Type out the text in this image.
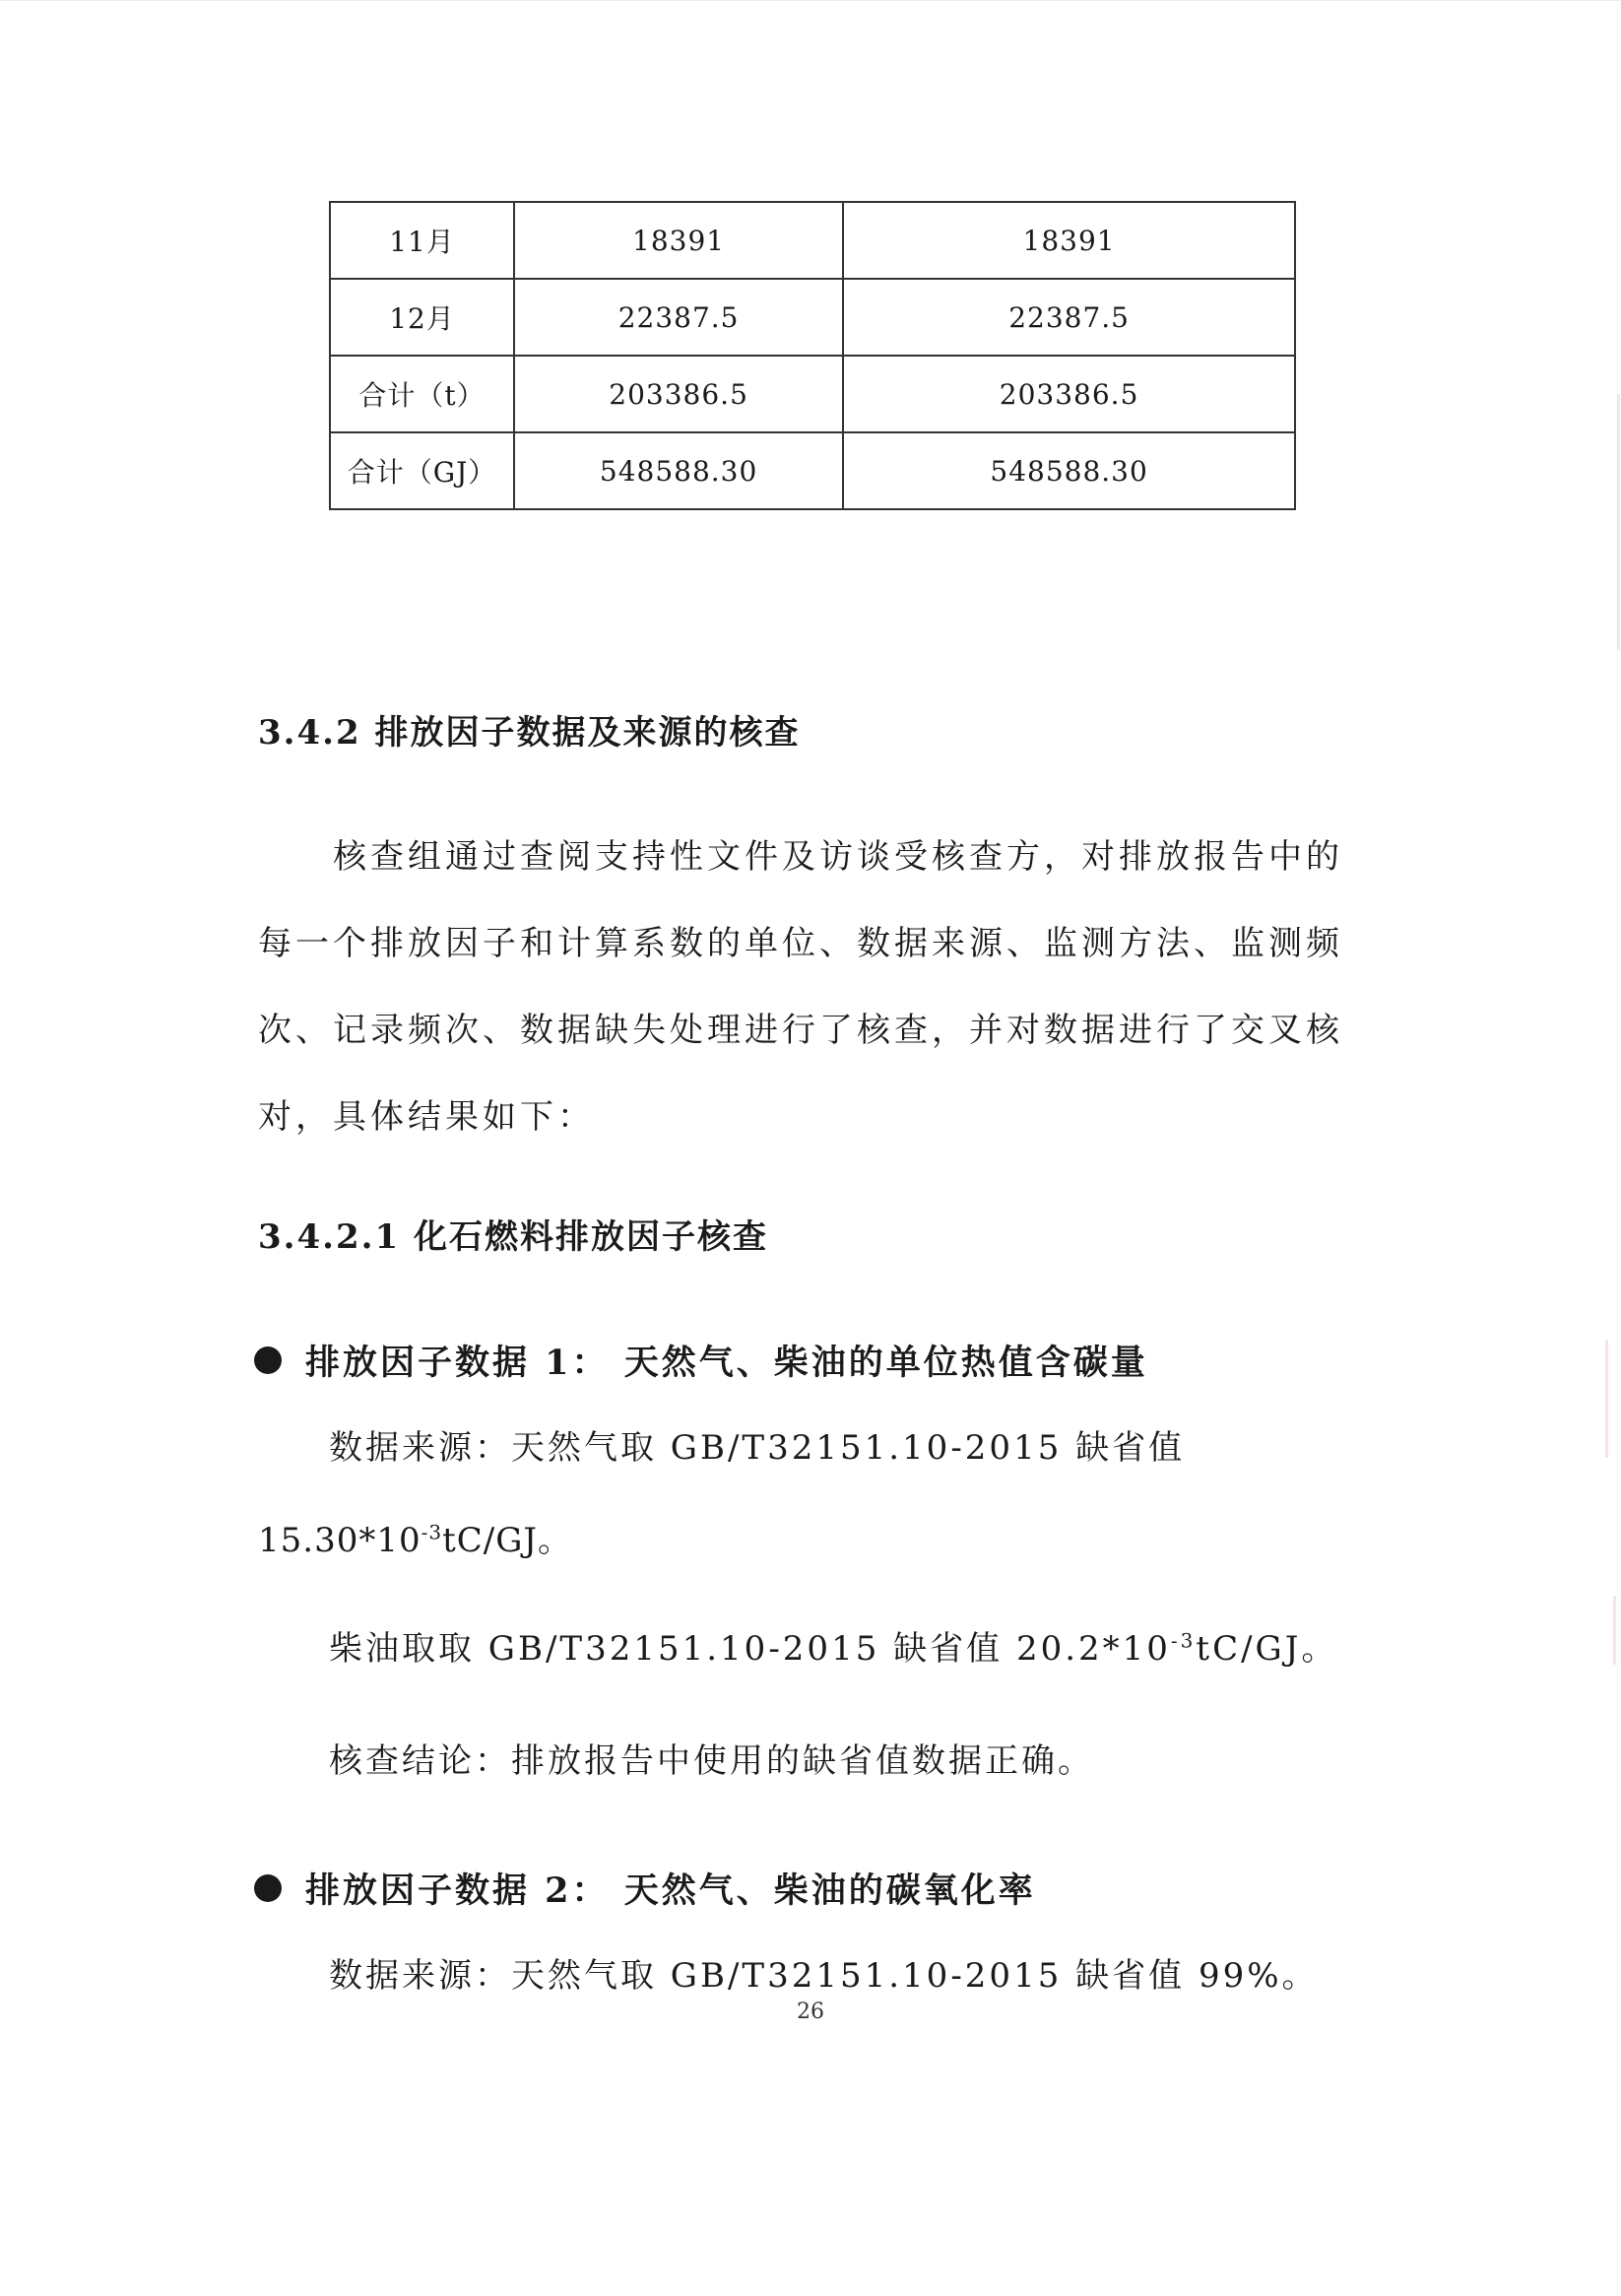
11月	18391	18391
12月	22387.5	22387.5
合计（t）	203386.5	203386.5
合计（GJ）	548588.30	548588.30
3.4.2 排放因子数据及来源的核查
核查组通过查阅支持性文件及访谈受核查方，对排放报告中的
每一个排放因子和计算系数的单位、数据来源、监测方法、监测频
次、记录频次、数据缺失处理进行了核查，并对数据进行了交叉核
对，具体结果如下：
3.4.2.1 化石燃料排放因子核查
排放因子数据 1： 天然气、柴油的单位热值含碳量
数据来源：天然气取 GB/T32151.10-2015 缺省值
$15.30*10^{-3}tC/GJ$。
柴油取取 GB/T32151.10-2015 缺省值 $20.2*10^{-3}tC/GJ$。
核查结论：排放报告中使用的缺省值数据正确。
排放因子数据 2： 天然气、柴油的碳氧化率
数据来源：天然气取 GB/T32151.10-2015 缺省值 99%。
26
